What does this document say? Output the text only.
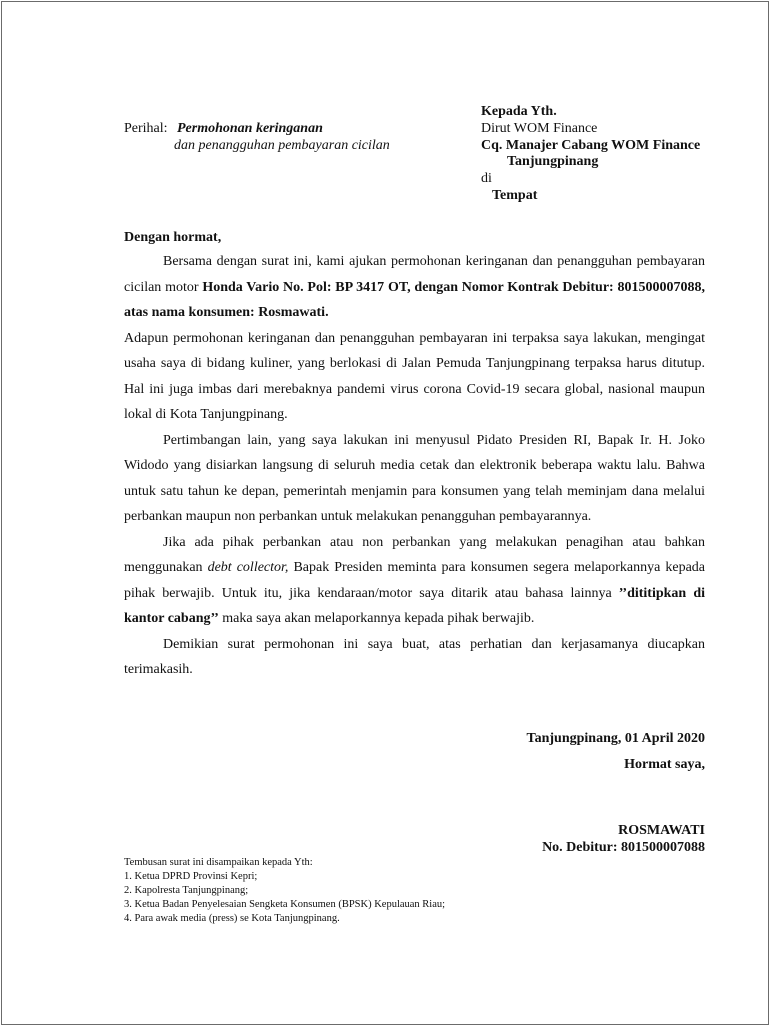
Perihal: Permohonan keringanan
dan penangguhan pembayaran cicilan
Kepada Yth.
Dirut WOM Finance
Cq. Manajer Cabang WOM Finance
Tanjungpinang
di
Tempat
Dengan hormat,

Bersama dengan surat ini, kami ajukan permohonan keringanan dan penangguhan pembayaran cicilan motor Honda Vario No. Pol: BP 3417 OT, dengan Nomor Kontrak Debitur: 801500007088, atas nama konsumen: Rosmawati.

Adapun permohonan keringanan dan penangguhan pembayaran ini terpaksa saya lakukan, mengingat usaha saya di bidang kuliner, yang berlokasi di Jalan Pemuda Tanjungpinang terpaksa harus ditutup. Hal ini juga imbas dari merebaknya pandemi virus corona Covid-19 secara global, nasional maupun lokal di Kota Tanjungpinang.

Pertimbangan lain, yang saya lakukan ini menyusul Pidato Presiden RI, Bapak Ir. H. Joko Widodo yang disiarkan langsung di seluruh media cetak dan elektronik beberapa waktu lalu. Bahwa untuk satu tahun ke depan, pemerintah menjamin para konsumen yang telah meminjam dana melalui perbankan maupun non perbankan untuk melakukan penangguhan pembayarannya.

Jika ada pihak perbankan atau non perbankan yang melakukan penagihan atau bahkan menggunakan debt collector, Bapak Presiden meminta para konsumen segera melaporkannya kepada pihak berwajib. Untuk itu, jika kendaraan/motor saya ditarik atau bahasa lainnya ’’dititipkan di kantor cabang’’ maka saya akan melaporkannya kepada pihak berwajib.

Demikian surat permohonan ini saya buat, atas perhatian dan kerjasamanya diucapkan terimakasih.

Tanjungpinang, 01 April 2020
Hormat saya,
ROSMAWATI
No. Debitur: 801500007088
Tembusan surat ini disampaikan kepada Yth:
1. Ketua DPRD Provinsi Kepri;
2. Kapolresta Tanjungpinang;
3. Ketua Badan Penyelesaian Sengketa Konsumen (BPSK) Kepulauan Riau;
4. Para awak media (press) se Kota Tanjungpinang.
